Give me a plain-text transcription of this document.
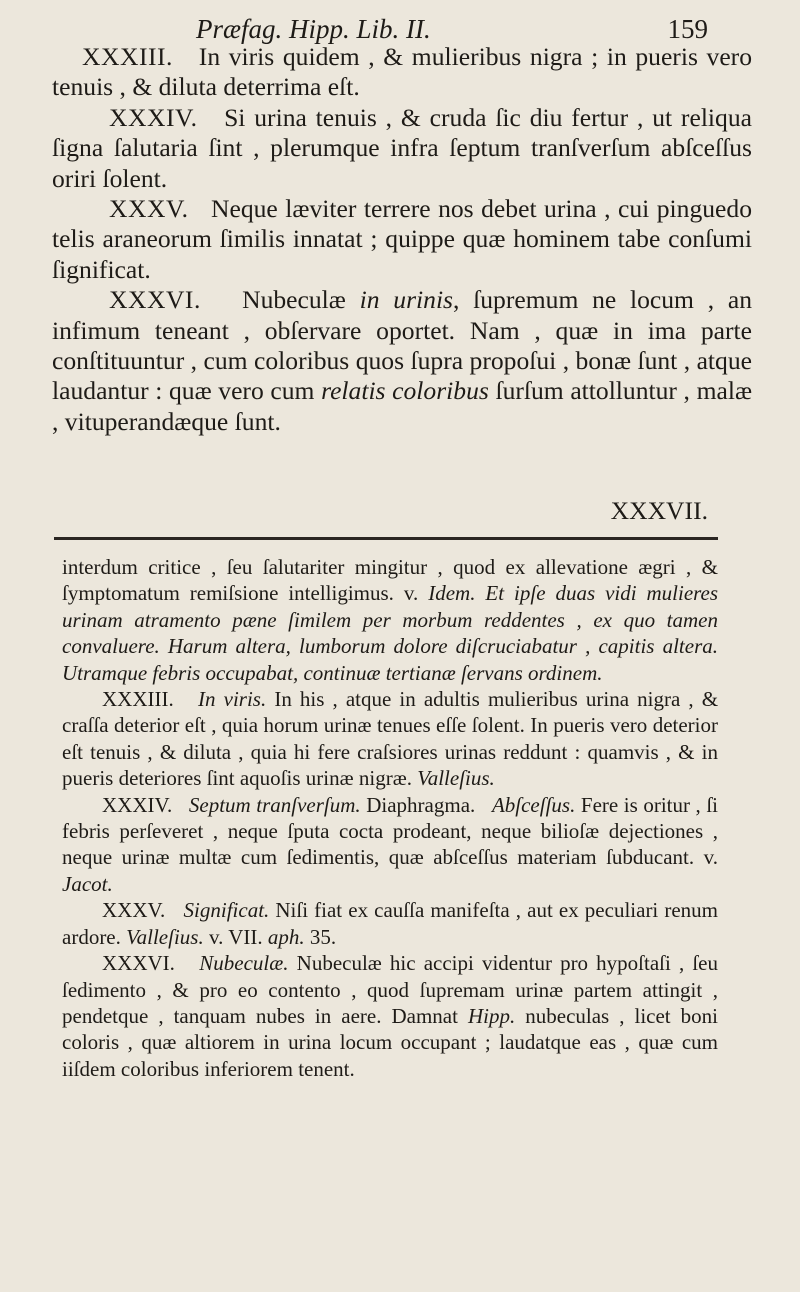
Præfag. Hipp. Lib. II.	159

XXXIII. In viris quidem , & mulieribus nigra ; in pueris vero tenuis , & diluta deterrima eſt.

XXXIV. Si urina tenuis , & cruda ſic diu fertur , ut reliqua ſigna ſalutaria ſint , plerumque infra ſeptum tranſverſum abſceſſus oriri ſolent.

XXXV. Neque læviter terrere nos debet urina , cui pinguedo telis araneorum ſimilis innatat ; quippe quæ hominem tabe conſumi ſignificat.

XXXVI. Nubeculæ in urinis, ſupremum ne locum , an infimum teneant , obſervare oportet. Nam , quæ in ima parte conſtituuntur , cum coloribus quos ſupra propoſui , bonæ ſunt , atque laudantur : quæ vero cum relatis coloribus ſurſum attolluntur , malæ , vituperandæque ſunt.

XXXVII.

interdum critice , ſeu ſalutariter mingitur , quod ex allevatione ægri , & ſymptomatum remiſsione intelligimus. v. Idem. Et ipſe duas vidi mulieres urinam atramento pæne ſimilem per morbum reddentes , ex quo tamen convaluere. Harum altera, lumborum dolore diſcruciabatur , capitis altera. Utramque febris occupabat, continuæ tertianæ ſervans ordinem.

XXXIII. In viris. In his , atque in adultis mulieribus urina nigra , & craſſa deterior eſt , quia horum urinæ tenues eſſe ſolent. In pueris vero deterior eſt tenuis , & diluta , quia hi fere craſsiores urinas reddunt : quamvis , & in pueris deteriores ſint aquoſis urinæ nigræ. Valleſius.

XXXIV. Septum tranſverſum. Diaphragma. Abſceſſus. Fere is oritur , ſi febris perſeveret , neque ſputa cocta prodeant, neque bilioſæ dejectiones , neque urinæ multæ cum ſedimentis, quæ abſceſſus materiam ſubducant. v. Jacot.

XXXV. Significat. Niſi fiat ex cauſſa manifeſta , aut ex peculiari renum ardore. Valleſius. v. VII. aph. 35.

XXXVI. Nubeculæ. Nubeculæ hic accipi videntur pro hypoſtaſi , ſeu ſedimento , & pro eo contento , quod ſupremam urinæ partem attingit , pendetque , tanquam nubes in aere. Damnat Hipp. nubeculas , licet boni coloris , quæ altiorem in urina locum occupant ; laudatque eas , quæ cum iiſdem coloribus inferiorem tenent.
